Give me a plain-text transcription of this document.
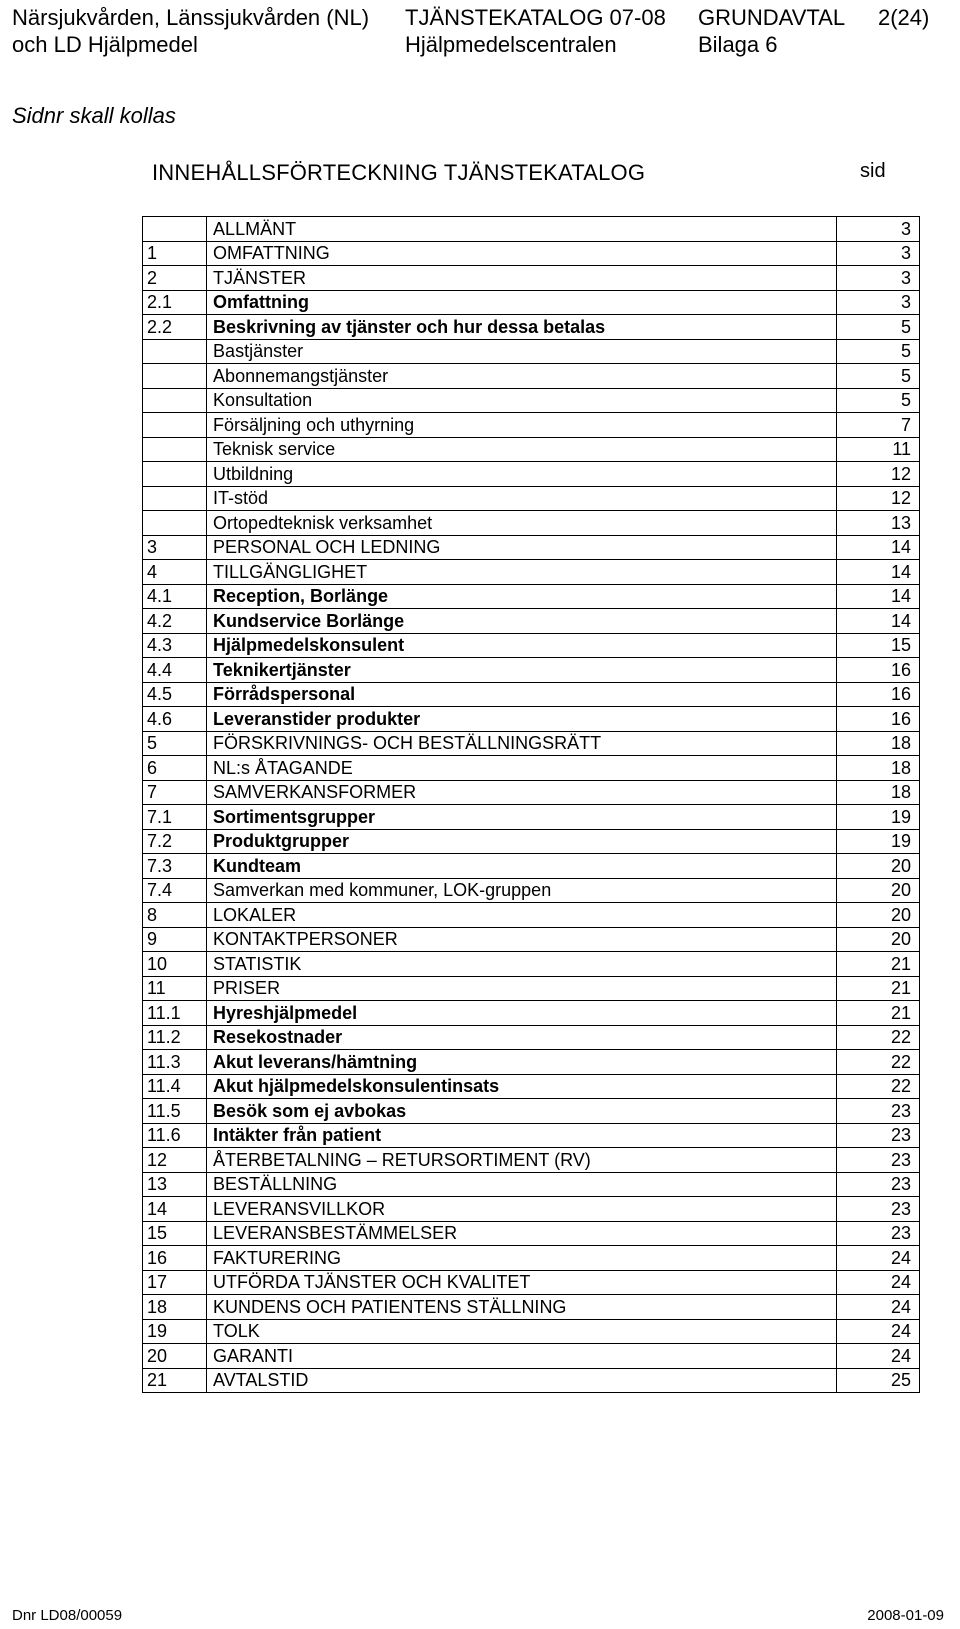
Närsjukvården, Länssjukvården (NL)	TJÄNSTEKATALOG 07-08	GRUNDAVTAL	2(24)
och LD Hjälpmedel	Hjälpmedelscentralen	Bilaga 6
Sidnr skall kollas
INNEHÅLLSFÖRTECKNING TJÄNSTEKATALOG	sid
	ALLMÄNT	3
1	OMFATTNING	3
2	TJÄNSTER	3
2.1	Omfattning	3
2.2	Beskrivning av tjänster och hur dessa betalas	5
	Bastjänster	5
	Abonnemangstjänster	5
	Konsultation	5
	Försäljning och uthyrning	7
	Teknisk service	11
	Utbildning	12
	IT-stöd	12
	Ortopedteknisk verksamhet	13
3	PERSONAL OCH LEDNING	14
4	TILLGÄNGLIGHET	14
4.1	Reception, Borlänge	14
4.2	Kundservice Borlänge	14
4.3	Hjälpmedelskonsulent	15
4.4	Teknikertjänster	16
4.5	Förrådspersonal	16
4.6	Leveranstider produkter	16
5	FÖRSKRIVNINGS- OCH BESTÄLLNINGSRÄTT	18
6	NL:s ÅTAGANDE	18
7	SAMVERKANSFORMER	18
7.1	Sortimentsgrupper	19
7.2	Produktgrupper	19
7.3	Kundteam	20
7.4	Samverkan med kommuner, LOK-gruppen	20
8	LOKALER	20
9	KONTAKTPERSONER	20
10	STATISTIK	21
11	PRISER	21
11.1	Hyreshjälpmedel	21
11.2	Resekostnader	22
11.3	Akut leverans/hämtning	22
11.4	Akut hjälpmedelskonsulentinsats	22
11.5	Besök som ej avbokas	23
11.6	Intäkter från patient	23
12	ÅTERBETALNING – RETURSORTIMENT (RV)	23
13	BESTÄLLNING	23
14	LEVERANSVILLKOR	23
15	LEVERANSBESTÄMMELSER	23
16	FAKTURERING	24
17	UTFÖRDA TJÄNSTER OCH KVALITET	24
18	KUNDENS OCH PATIENTENS STÄLLNING	24
19	TOLK	24
20	GARANTI	24
21	AVTALSTID	25
Dnr LD08/00059	2008-01-09
